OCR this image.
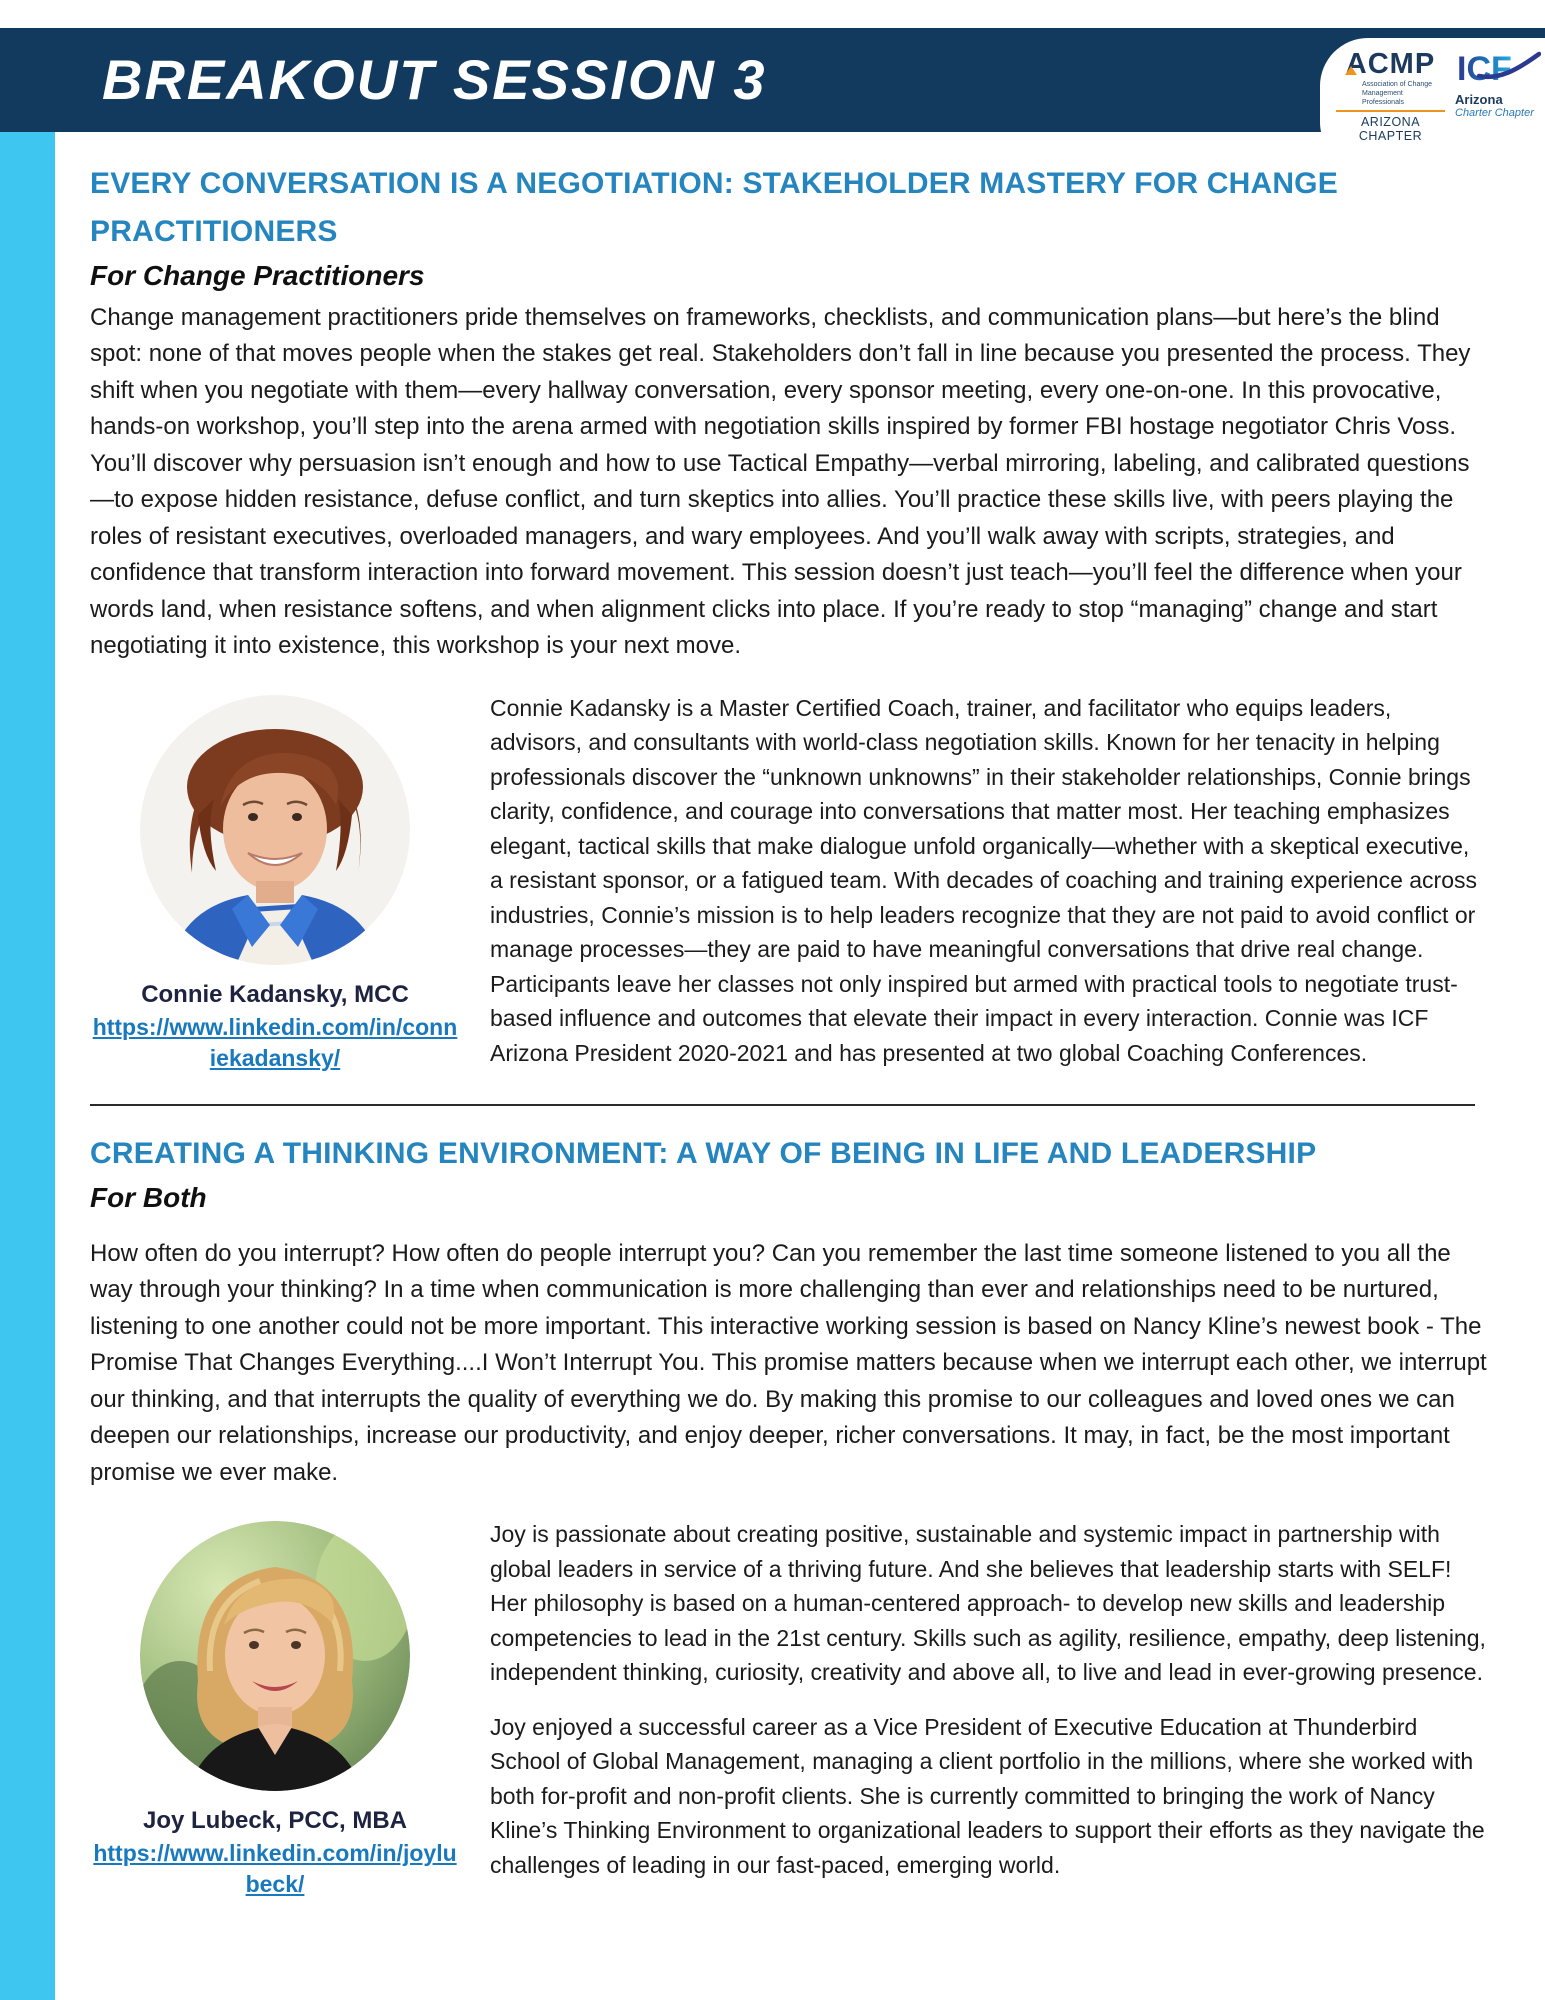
BREAKOUT SESSION 3	ACMP
Association of Change Management Professionals
ARIZONA CHAPTER
ICF
Arizona
Charter Chapter
EVERY CONVERSATION IS A NEGOTIATION: STAKEHOLDER MASTERY FOR CHANGE PRACTITIONERS
For Change Practitioners

Change management practitioners pride themselves on frameworks, checklists, and communication plans—but here’s the blind spot: none of that moves people when the stakes get real. Stakeholders don’t fall in line because you presented the process. They shift when you negotiate with them—every hallway conversation, every sponsor meeting, every one-on-one. In this provocative, hands-on workshop, you’ll step into the arena armed with negotiation skills inspired by former FBI hostage negotiator Chris Voss. You’ll discover why persuasion isn’t enough and how to use Tactical Empathy—verbal mirroring, labeling, and calibrated questions—to expose hidden resistance, defuse conflict, and turn skeptics into allies. You’ll practice these skills live, with peers playing the roles of resistant executives, overloaded managers, and wary employees. And you’ll walk away with scripts, strategies, and confidence that transform interaction into forward movement. This session doesn’t just teach—you’ll feel the difference when your words land, when resistance softens, and when alignment clicks into place. If you’re ready to stop “managing” change and start negotiating it into existence, this workshop is your next move.

Connie Kadansky, MCC
https://www.linkedin.com/in/conniekadansky/

Connie Kadansky is a Master Certified Coach, trainer, and facilitator who equips leaders, advisors, and consultants with world-class negotiation skills. Known for her tenacity in helping professionals discover the “unknown unknowns” in their stakeholder relationships, Connie brings clarity, confidence, and courage into conversations that matter most. Her teaching emphasizes elegant, tactical skills that make dialogue unfold organically—whether with a skeptical executive, a resistant sponsor, or a fatigued team. With decades of coaching and training experience across industries, Connie’s mission is to help leaders recognize that they are not paid to avoid conflict or manage processes—they are paid to have meaningful conversations that drive real change. Participants leave her classes not only inspired but armed with practical tools to negotiate trust-based influence and outcomes that elevate their impact in every interaction. Connie was ICF Arizona President 2020-2021 and has presented at two global Coaching Conferences.

CREATING A THINKING ENVIRONMENT: A WAY OF BEING IN LIFE AND LEADERSHIP
For Both

How often do you interrupt? How often do people interrupt you? Can you remember the last time someone listened to you all the way through your thinking? In a time when communication is more challenging than ever and relationships need to be nurtured, listening to one another could not be more important. This interactive working session is based on Nancy Kline’s newest book - The Promise That Changes Everything....I Won’t Interrupt You. This promise matters because when we interrupt each other, we interrupt our thinking, and that interrupts the quality of everything we do. By making this promise to our colleagues and loved ones we can deepen our relationships, increase our productivity, and enjoy deeper, richer conversations. It may, in fact, be the most important promise we ever make.

Joy Lubeck, PCC, MBA
https://www.linkedin.com/in/joylubeck/

Joy is passionate about creating positive, sustainable and systemic impact in partnership with global leaders in service of a thriving future. And she believes that leadership starts with SELF! Her philosophy is based on a human-centered approach- to develop new skills and leadership competencies to lead in the 21st century. Skills such as agility, resilience, empathy, deep listening, independent thinking, curiosity, creativity and above all, to live and lead in ever-growing presence.

Joy enjoyed a successful career as a Vice President of Executive Education at Thunderbird School of Global Management, managing a client portfolio in the millions, where she worked with both for-profit and non-profit clients. She is currently committed to bringing the work of Nancy Kline’s Thinking Environment to organizational leaders to support their efforts as they navigate the challenges of leading in our fast-paced, emerging world.
